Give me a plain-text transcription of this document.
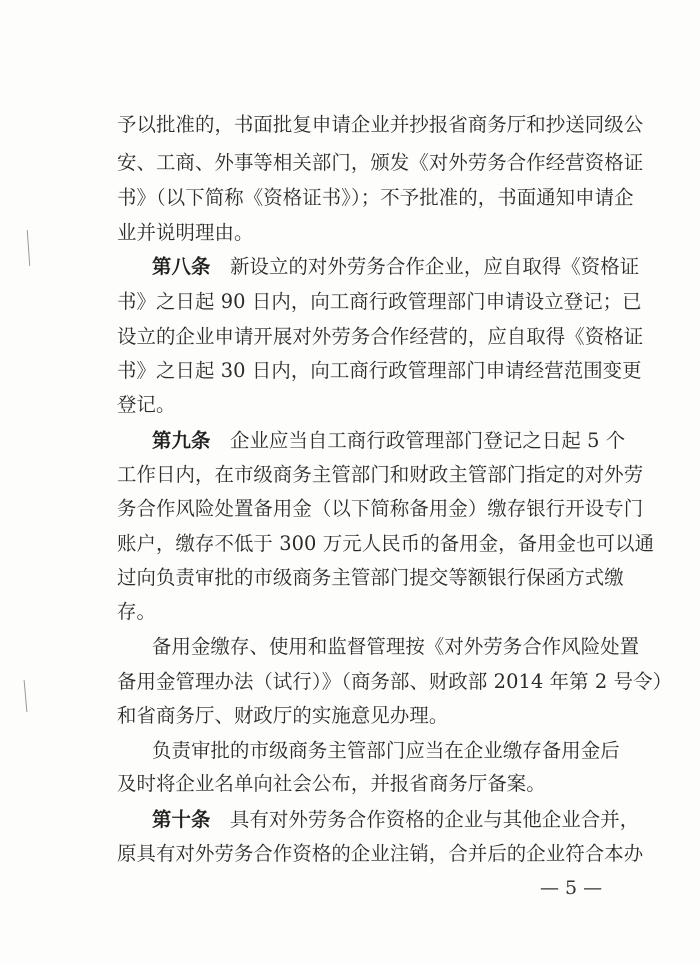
予以批准的，书面批复申请企业并抄报省商务厅和抄送同级公
安、工商、外事等相关部门，颁发《对外劳务合作经营资格证
书》（以下简称《资格证书》）；不予批准的，书面通知申请企
业并说明理由。
第八条　新设立的对外劳务合作企业，应自取得《资格证
书》之日起 90 日内，向工商行政管理部门申请设立登记；已
设立的企业申请开展对外劳务合作经营的，应自取得《资格证
书》之日起 30 日内，向工商行政管理部门申请经营范围变更
登记。
第九条　企业应当自工商行政管理部门登记之日起 5 个
工作日内，在市级商务主管部门和财政主管部门指定的对外劳
务合作风险处置备用金（以下简称备用金）缴存银行开设专门
账户，缴存不低于 300 万元人民币的备用金，备用金也可以通
过向负责审批的市级商务主管部门提交等额银行保函方式缴
存。
备用金缴存、使用和监督管理按《对外劳务合作风险处置
备用金管理办法（试行）》（商务部、财政部 2014 年第 2 号令）
和省商务厅、财政厅的实施意见办理。
负责审批的市级商务主管部门应当在企业缴存备用金后
及时将企业名单向社会公布，并报省商务厅备案。
第十条　具有对外劳务合作资格的企业与其他企业合并，
原具有对外劳务合作资格的企业注销，合并后的企业符合本办
— 5 —
